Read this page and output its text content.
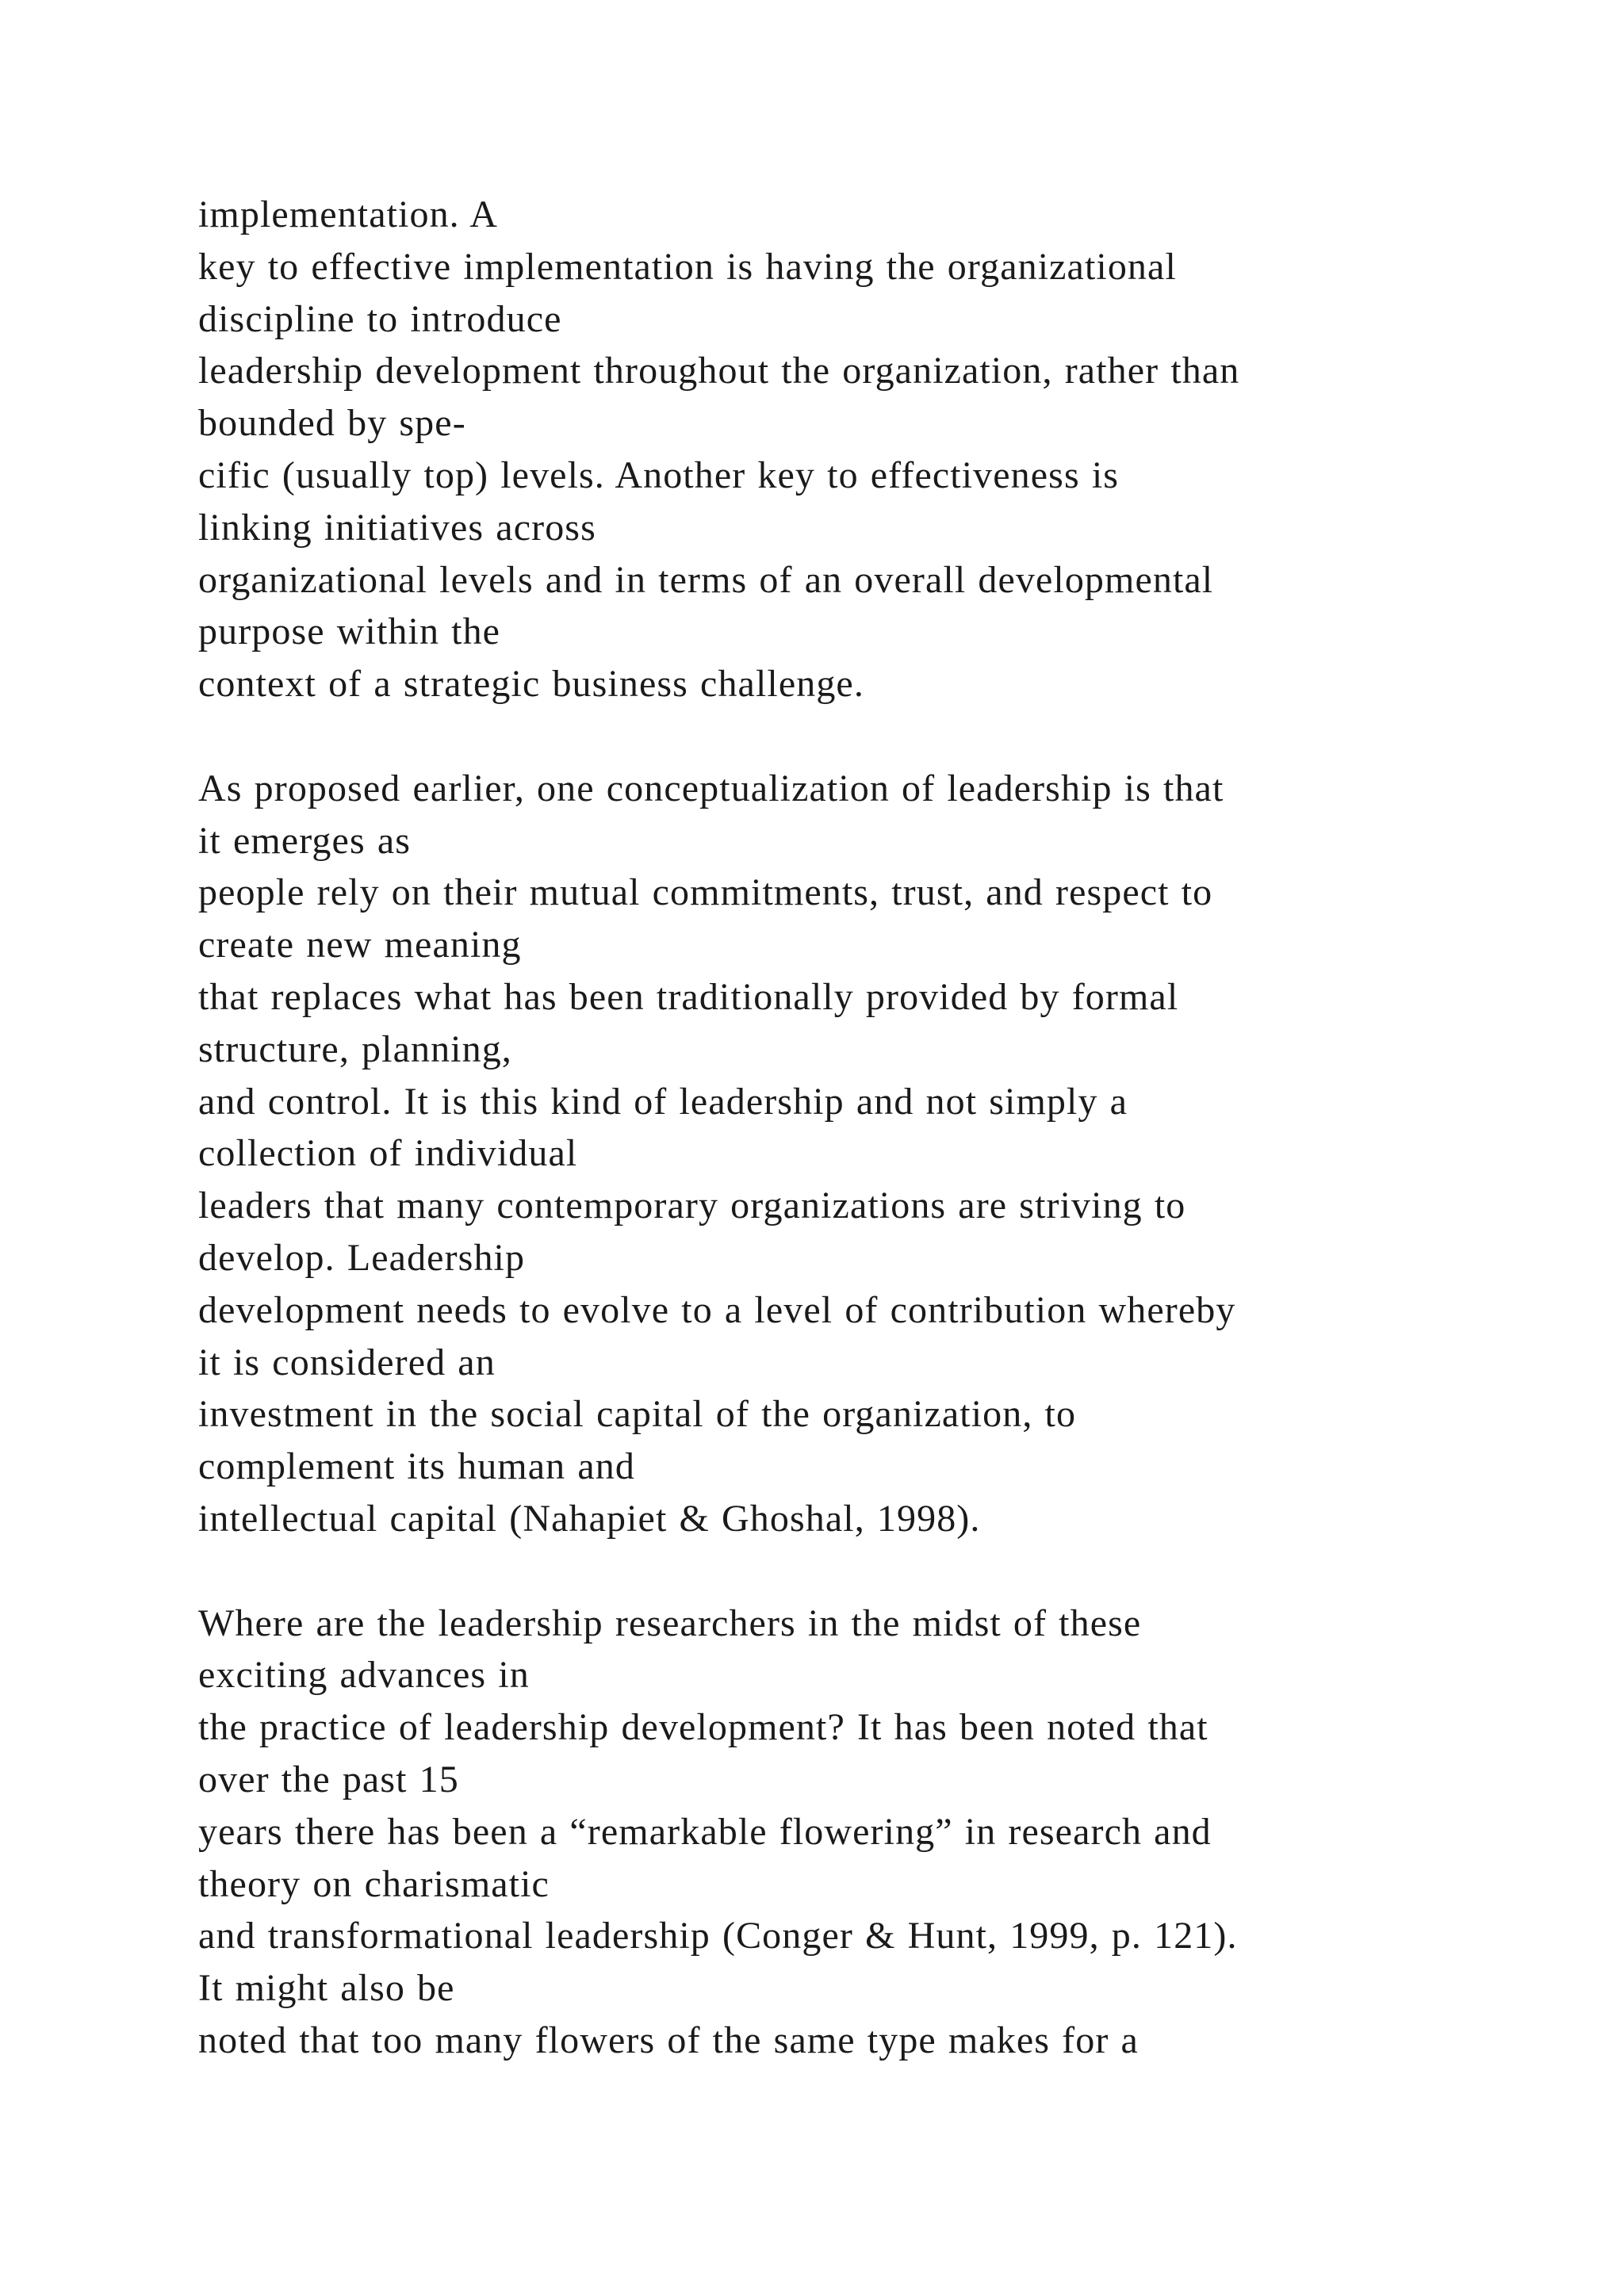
implementation. A
key to effective implementation is having the organizational
discipline to introduce
leadership development throughout the organization, rather than
bounded by spe-
cific (usually top) levels. Another key to effectiveness is
linking initiatives across
organizational levels and in terms of an overall developmental
purpose within the
context of a strategic business challenge.
As proposed earlier, one conceptualization of leadership is that
it emerges as
people rely on their mutual commitments, trust, and respect to
create new meaning
that replaces what has been traditionally provided by formal
structure, planning,
and control. It is this kind of leadership and not simply a
collection of individual
leaders that many contemporary organizations are striving to
develop. Leadership
development needs to evolve to a level of contribution whereby
it is considered an
investment in the social capital of the organization, to
complement its human and
intellectual capital (Nahapiet & Ghoshal, 1998).
Where are the leadership researchers in the midst of these
exciting advances in
the practice of leadership development? It has been noted that
over the past 15
years there has been a “remarkable flowering” in research and
theory on charismatic
and transformational leadership (Conger & Hunt, 1999, p. 121).
It might also be
noted that too many flowers of the same type makes for a
